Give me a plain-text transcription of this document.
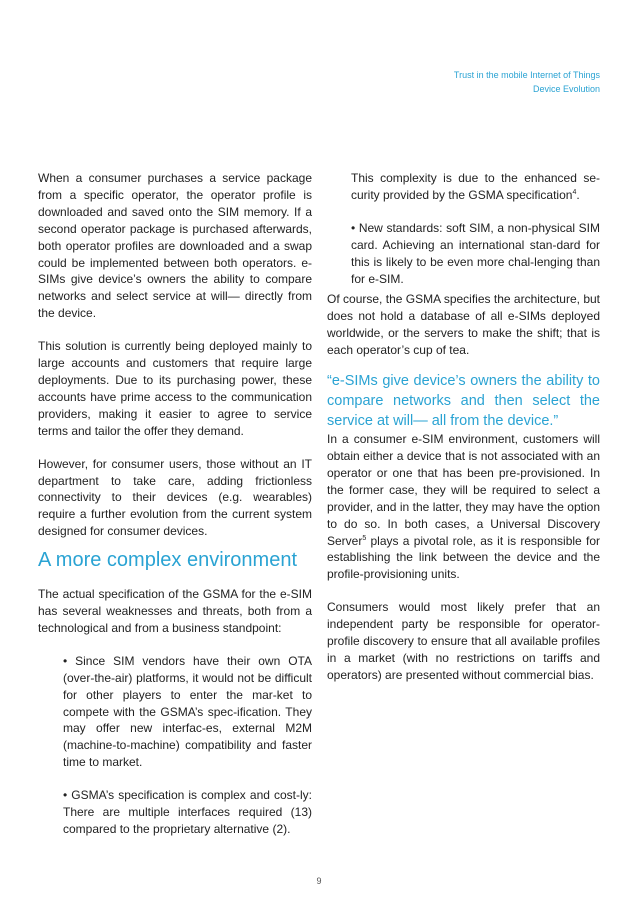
Trust in the mobile Internet of Things
Device Evolution

When a consumer purchases a service package from a specific operator, the operator profile is downloaded and saved onto the SIM memory. If a second operator package is purchased afterwards, both operator profiles are downloaded and a swap could be implemented between both operators. e-SIMs give device’s owners the ability to compare networks and select service at will— directly from the device.

This solution is currently being deployed mainly to large accounts and customers that require large deployments. Due to its purchasing power, these accounts have prime access to the communication providers, making it easier to agree to service terms and tailor the offer they demand.

However, for consumer users, those without an IT department to take care, adding frictionless connectivity to their devices (e.g. wearables) require a further evolution from the current system designed for consumer devices.

A more complex environment

The actual specification of the GSMA for the e-SIM has several weaknesses and threats, both from a technological and from a business standpoint:

• Since SIM vendors have their own OTA (over-the-air) platforms, it would not be difficult for other players to enter the mar-ket to compete with the GSMA’s spec-ification. They may offer new interfac-es, external M2M (machine-to-machine) compatibility and faster time to market.

• GSMA’s specification is complex and cost-ly: There are multiple interfaces required (13) compared to the proprietary alternative (2).

This complexity is due to the enhanced se-curity provided by the GSMA specification$^4$.

• New standards: soft SIM, a non-physical SIM card. Achieving an international stan-dard for this is likely to be even more chal-lenging than for e-SIM.

Of course, the GSMA specifies the architecture, but does not hold a database of all e-SIMs deployed worldwide, or the servers to make the shift; that is each operator’s cup of tea.

“e-SIMs give device’s owners the ability to compare networks and then select the service at will— all from the device.”

In a consumer e-SIM environment, customers will obtain either a device that is not associated with an operator or one that has been pre-provisioned. In the former case, they will be required to select a provider, and in the latter, they may have the option to do so. In both cases, a Universal Discovery Server$^5$ plays a pivotal role, as it is responsible for establishing the link between the device and the profile-provisioning units.

Consumers would most likely prefer that an independent party be responsible for operator-profile discovery to ensure that all available profiles in a market (with no restrictions on tariffs and operators) are presented without commercial bias.

9
